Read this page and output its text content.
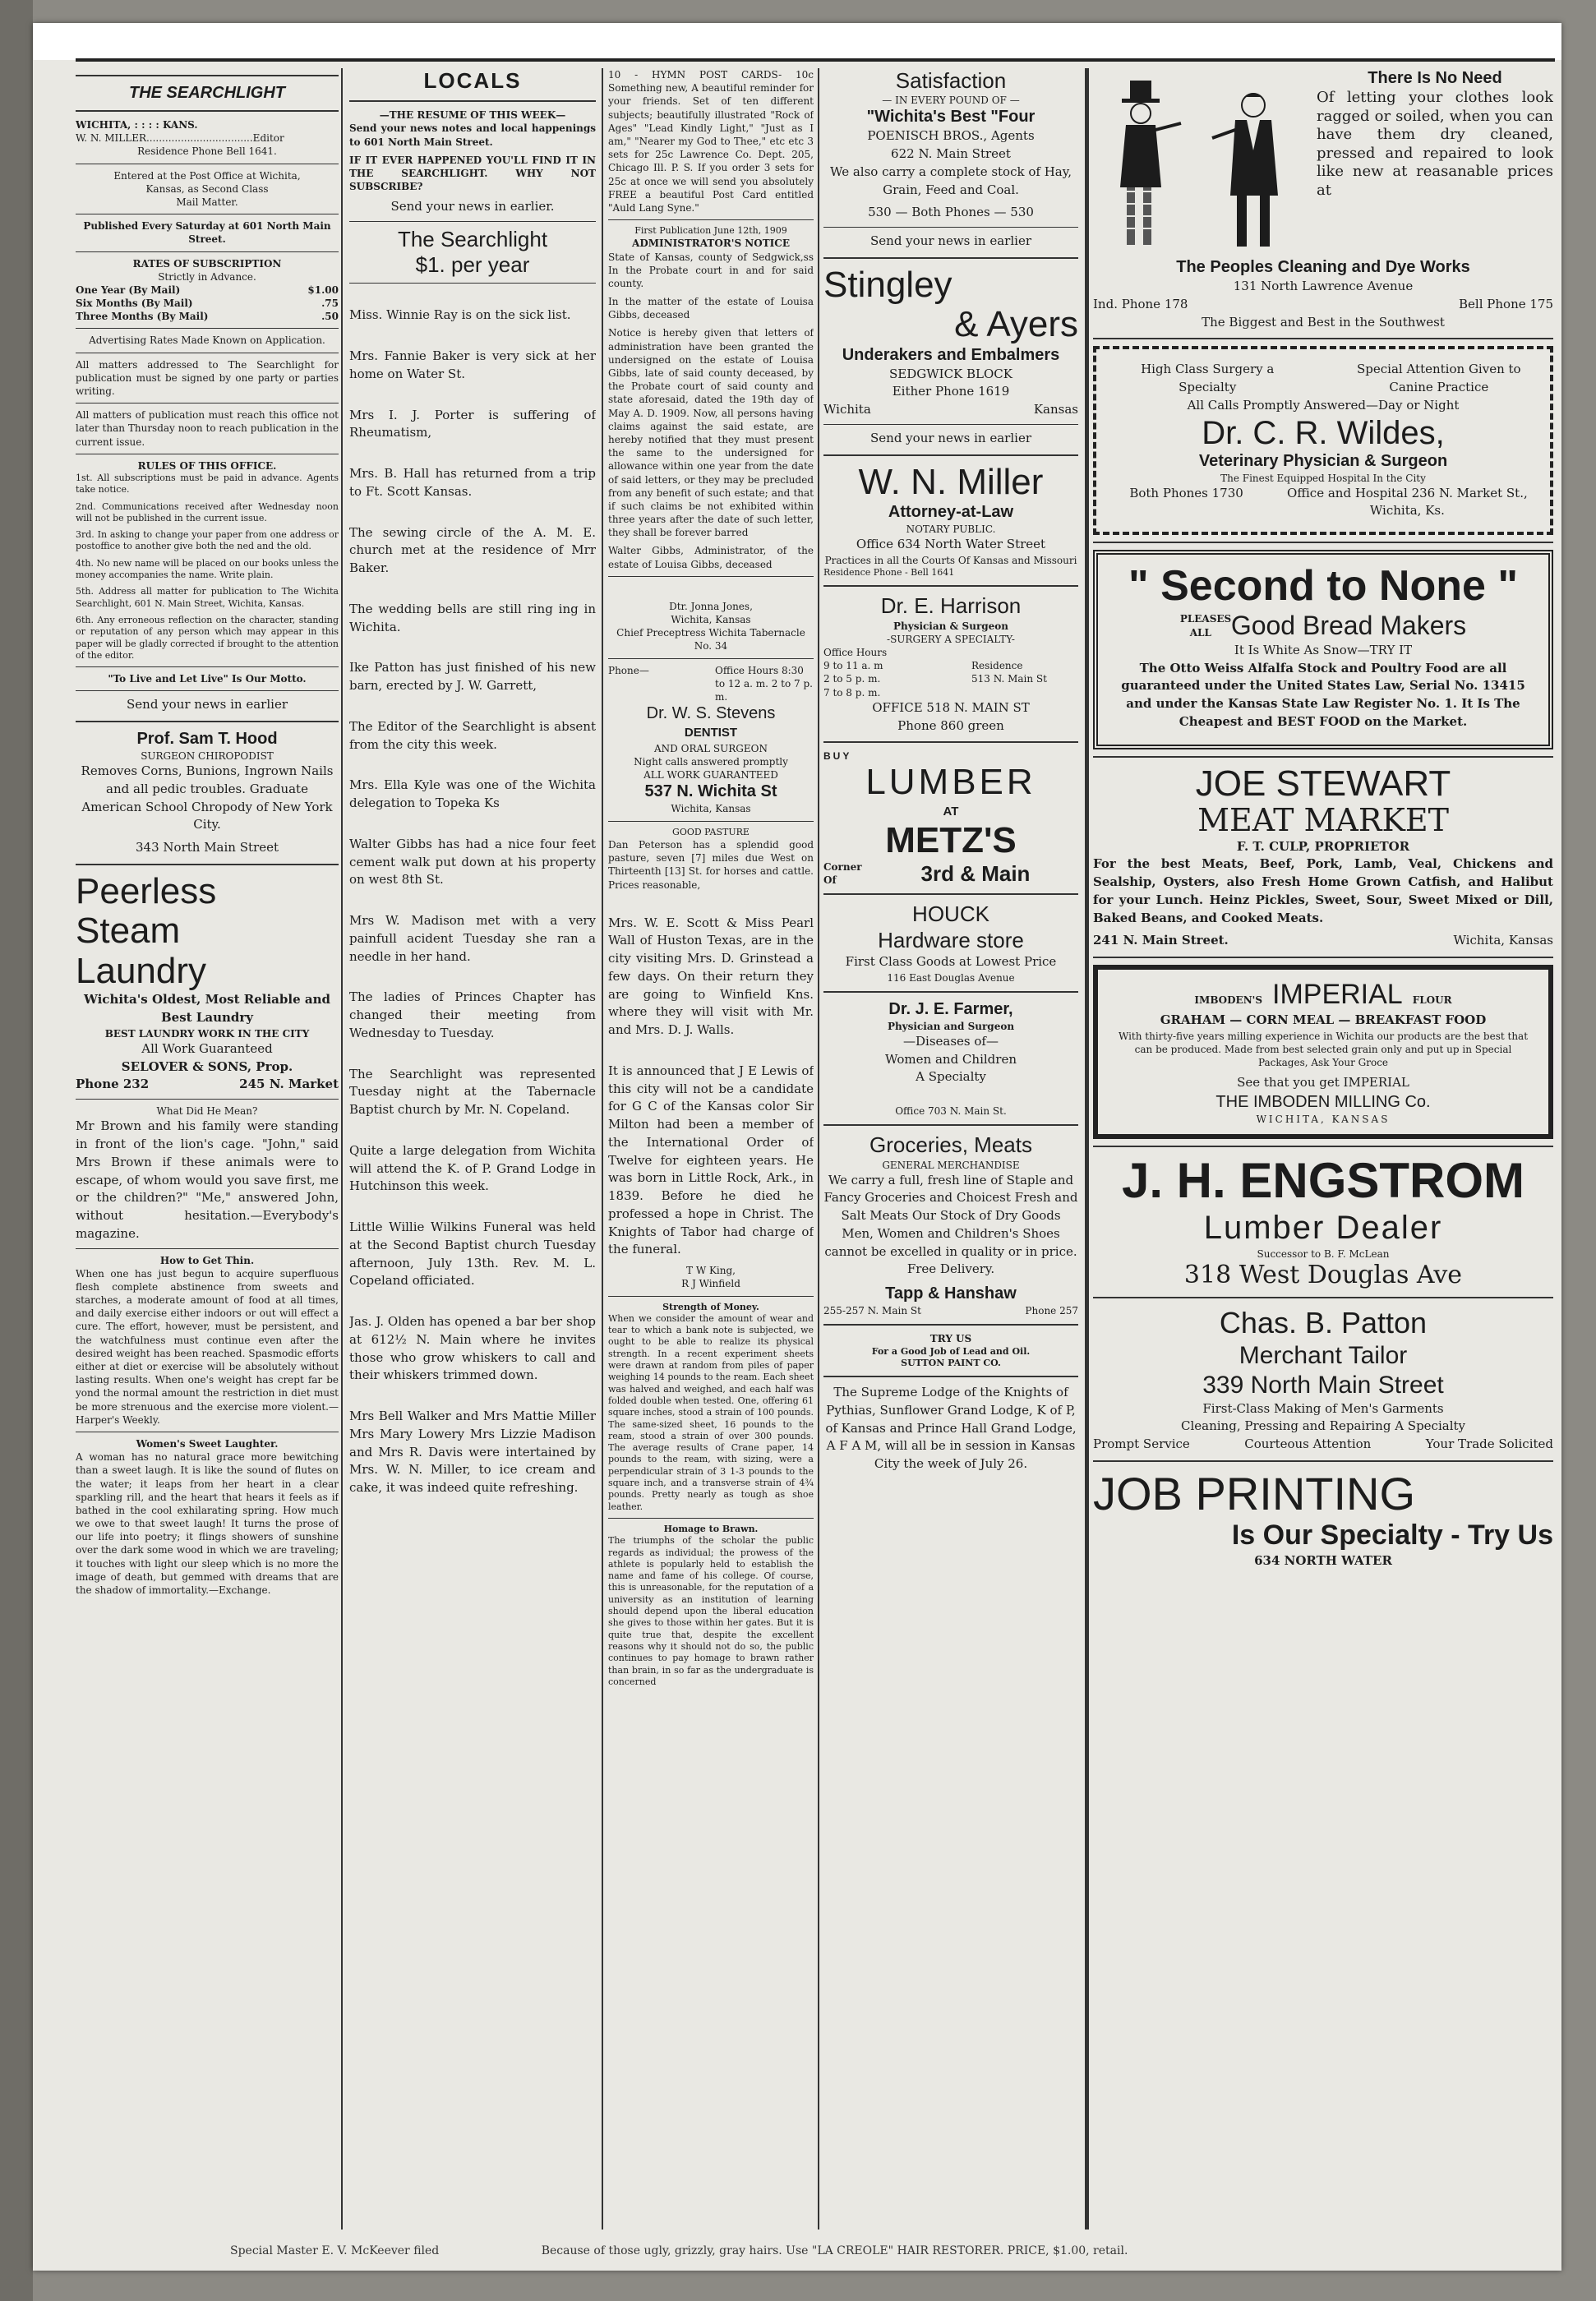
THE SEARCHLIGHT
WICHITA, : : : : KANS.
W. N. MILLER..................................Editor
Residence Phone Bell 1641.
Entered at the Post Office at Wichita,
Kansas, as Second Class
Mail Matter.

Published Every Saturday at 601 North Main Street.

RATES OF SUBSCRIPTION
Strictly in Advance.
One Year (By Mail)	$1.00
Six Months (By Mail)	.75
Three Months (By Mail)	.50

Advertising Rates Made Known on Application.

All matters addressed to The Searchlight for publication must be signed by one party or parties writing.

All matters of publication must reach this office not later than Thursday noon to reach publication in the current issue.

RULES OF THIS OFFICE.

1st. All subscriptions must be paid in advance. Agents take notice.

2nd. Communications received after Wednesday noon will not be published in the current issue.

3rd. In asking to change your paper from one address or postoffice to another give both the ned and the old.

4th. No new name will be placed on our books unless the money accompanies the name. Write plain.

5th. Address all matter for publication to The Wichita Searchlight, 601 N. Main Street, Wichita, Kansas.

6th. Any erroneous reflection on the character, standing or reputation of any person which may appear in this paper will be gladly corrected if brought to the attention of the editor.

"To Live and Let Live" Is Our Motto.
Send your news in earlier
Prof. Sam T. Hood
SURGEON CHIROPODIST

Removes Corns, Bunions, Ingrown Nails and all pedic troubles. Graduate American School Chropody of New York City.

343 North Main Street
Peerless
Steam
Laundry
Wichita's Oldest, Most Reliable and Best Laundry
BEST LAUNDRY WORK IN THE CITY
All Work Guaranteed
SELOVER & SONS, Prop.
Phone 232	245 N. Market
What Did He Mean?

Mr Brown and his family were standing in front of the lion's cage. "John," said Mrs Brown if these animals were to escape, of whom would you save first, me or the children?" "Me," answered John, without hesitation.—Everybody's magazine.

How to Get Thin.

When one has just begun to acquire superfluous flesh complete abstinence from sweets and starches, a moderate amount of food at all times, and daily exercise either indoors or out will effect a cure. The effort, however, must be persistent, and the watchfulness must continue even after the desired weight has been reached. Spasmodic efforts either at diet or exercise will be absolutely without lasting results. When one's weight has crept far be yond the normal amount the restriction in diet must be more strenuous and the exercise more violent.—Harper's Weekly.

Women's Sweet Laughter.

A woman has no natural grace more bewitching than a sweet laugh. It is like the sound of flutes on the water; it leaps from her heart in a clear sparkling rill, and the heart that hears it feels as if bathed in the cool exhilarating spring. How much we owe to that sweet laugh! It turns the prose of our life into poetry; it flings showers of sunshine over the dark some wood in which we are traveling; it touches with light our sleep which is no more the image of death, but gemmed with dreams that are the shadow of immortality.—Exchange.

LOCALS
—THE RESUME OF THIS WEEK—

Send your news notes and local happenings to 601 North Main Street.

IF IT EVER HAPPENED YOU'LL FIND IT IN THE SEARCHLIGHT. WHY NOT SUBSCRIBE?

Send your news in earlier.
The Searchlight
$1. per year

Miss. Winnie Ray is on the sick list.

Mrs. Fannie Baker is very sick at her home on Water St.

Mrs I. J. Porter is suffering of Rheumatism,

Mrs. B. Hall has returned from a trip to Ft. Scott Kansas.

The sewing circle of the A. M. E. church met at the residence of Mrr Baker.

The wedding bells are still ring ing in Wichita.

Ike Patton has just finished of his new barn, erected by J. W. Garrett,

The Editor of the Searchlight is absent from the city this week.

Mrs. Ella Kyle was one of the Wichita delegation to Topeka Ks

Walter Gibbs has had a nice four feet cement walk put down at his property on west 8th St.

Mrs W. Madison met with a very painfull acident Tuesday she ran a needle in her hand.

The ladies of Princes Chapter has changed their meeting from Wednesday to Tuesday.

The Searchlight was represented Tuesday night at the Tabernacle Baptist church by Mr. N. Copeland.

Quite a large delegation from Wichita will attend the K. of P. Grand Lodge in Hutchinson this week.

Little Willie Wilkins Funeral was held at the Second Baptist church Tuesday afternoon, July 13th. Rev. M. L. Copeland officiated.

Jas. J. Olden has opened a bar ber shop at 612½ N. Main where he invites those who grow whiskers to call and their whiskers trimmed down.

Mrs Bell Walker and Mrs Mattie Miller Mrs Mary Lowery Mrs Lizzie Madison and Mrs R. Davis were intertained by Mrs. W. N. Miller, to ice cream and cake, it was indeed quite refreshing.

10 - HYMN POST CARDS- 10c Something new, A beautiful reminder for your friends. Set of ten different subjects; beautifully illustrated "Rock of Ages" "Lead Kindly Light," "Just as I am," "Nearer my God to Thee," etc etc 3 sets for 25c Lawrence Co. Dept. 205, Chicago Ill. P. S. If you order 3 sets for 25c at once we will send you absolutely FREE a beautiful Post Card entitled "Auld Lang Syne."

First Publication June 12th, 1909
ADMINISTRATOR'S NOTICE

State of Kansas, county of Sedgwick,ss In the Probate court in and for said county.

In the matter of the estate of Louisa Gibbs, deceased

Notice is hereby given that letters of administration have been granted the undersigned on the estate of Louisa Gibbs, late of said county deceased, by the Probate court of said county and state aforesaid, dated the 19th day of May A. D. 1909. Now, all persons having claims against the said estate, are hereby notified that they must present the same to the undersigned for allowance within one year from the date of said letters, or they may be precluded from any benefit of such estate; and that if such claims be not exhibited within three years after the date of such letter, they shall be forever barred

Walter Gibbs, Administrator, of the estate of Louisa Gibbs, deceased

Dtr. Jonna Jones,
Wichita, Kansas
Chief Preceptress Wichita Tabernacle No. 34
Phone—	Office Hours 8:30 to 12 a. m. 2 to 7 p. m.
Dr. W. S. Stevens
DENTIST
AND ORAL SURGEON
Night calls answered promptly
ALL WORK GUARANTEED
537 N. Wichita St
Wichita, Kansas
GOOD PASTURE

Dan Peterson has a splendid good pasture, seven [7] miles due West on Thirteenth [13] St. for horses and cattle. Prices reasonable,

Mrs. W. E. Scott & Miss Pearl Wall of Huston Texas, are in the city visiting Mrs. D. Grinstead a few days. On their return they are going to Winfield Kns. where they will visit with Mr. and Mrs. D. J. Walls.

It is announced that J E Lewis of this city will not be a candidate for G C of the Kansas color Sir Milton had been a member of the International Order of Twelve for eighteen years. He was born in Little Rock, Ark., in 1839. Before he died he professed a hope in Christ. The Knights of Tabor had charge of the funeral.

T W King,
R J Winfield
Strength of Money.

When we consider the amount of wear and tear to which a bank note is subjected, we ought to be able to realize its physical strength. In a recent experiment sheets were drawn at random from piles of paper weighing 14 pounds to the ream. Each sheet was halved and weighed, and each half was folded double when tested. One, offering 61 square inches, stood a strain of 100 pounds. The same-sized sheet, 16 pounds to the ream, stood a strain of over 300 pounds. The average results of Crane paper, 14 pounds to the ream, with sizing, were a perpendicular strain of 3 1-3 pounds to the square inch, and a transverse strain of 4¾ pounds. Pretty nearly as tough as shoe leather.

Homage to Brawn.

The triumphs of the scholar the public regards as individual; the prowess of the athlete is popularly held to establish the name and fame of his college. Of course, this is unreasonable, for the reputation of a university as an institution of learning should depend upon the liberal education she gives to those within her gates. But it is quite true that, despite the excellent reasons why it should not do so, the public continues to pay homage to brawn rather than brain, in so far as the undergraduate is concerned

Satisfaction
— IN EVERY POUND OF —
"Wichita's Best "Four
POENISCH BROS., Agents
622 N. Main Street

We also carry a complete stock of Hay, Grain, Feed and Coal.

530 — Both Phones — 530
Send your news in earlier
Stingley
& Ayers
Underakers and Embalmers
SEDGWICK BLOCK
Either Phone 1619
Wichita	Kansas
Send your news in earlier
W. N. Miller
Attorney-at-Law
NOTARY PUBLIC.
Office 634 North Water Street
Practices in all the Courts Of Kansas and Missouri
Residence Phone - Bell 1641
Dr. E. Harrison
Physician & Surgeon
-SURGERY A SPECIALTY-
Office Hours
9 to 11 a. m	Residence
2 to 5 p. m.	513 N. Main St
7 to 8 p. m.
OFFICE 518 N. MAIN ST
Phone 860 green
BUY
LUMBER
AT
METZ'S
Corner Of	3rd & Main
HOUCK
Hardware store
First Class Goods at Lowest Price
116 East Douglas Avenue
Dr. J. E. Farmer,
Physician and Surgeon
—Diseases of—
Women and Children
A Specialty
Office 703 N. Main St.
Groceries, Meats
GENERAL MERCHANDISE

We carry a full, fresh line of Staple and Fancy Groceries and Choicest Fresh and Salt Meats Our Stock of Dry Goods Men, Women and Children's Shoes cannot be excelled in quality or in price. Free Delivery.

Tapp & Hanshaw
255-257 N. Main St	Phone 257
TRY US
For a Good Job of Lead and Oil.
SUTTON PAINT CO.

The Supreme Lodge of the Knights of Pythias, Sunflower Grand Lodge, K of P, of Kansas and Prince Hall Grand Lodge, A F A M, will all be in session in Kansas City the week of July 26.

There Is No Need

Of letting your clothes look ragged or soiled, when you can have them dry cleaned, pressed and repaired to look like new at reasanable prices at

The Peoples Cleaning and Dye Works
131 North Lawrence Avenue
Ind. Phone 178	Bell Phone 175
The Biggest and Best in the Southwest
High Class Surgery a Specialty
Special Attention Given to Canine Practice
All Calls Promptly Answered—Day or Night
Dr. C. R. Wildes,
Veterinary Physician & Surgeon
The Finest Equipped Hospital In the City
Both Phones 1730	Office and Hospital 236 N. Market St., Wichita, Ks.
" Second to None "
PLEASES ALL Good Bread Makers
It Is White As Snow—TRY IT

The Otto Weiss Alfalfa Stock and Poultry Food are all guaranteed under the United States Law, Serial No. 13415 and under the Kansas State Law Register No. 1. It Is The Cheapest and BEST FOOD on the Market.

JOE STEWART
MEAT MARKET
F. T. CULP, PROPRIETOR

For the best Meats, Beef, Pork, Lamb, Veal, Chickens and Sealship, Oysters, also Fresh Home Grown Catfish, and Halibut for your Lunch. Heinz Pickles, Sweet, Sour, Sweet Mixed or Dill, Baked Beans, and Cooked Meats.

241 N. Main Street.	Wichita, Kansas
IMBODEN'S IMPERIAL FLOUR
GRAHAM — CORN MEAL — BREAKFAST FOOD

With thirty-five years milling experience in Wichita our products are the best that can be produced. Made from best selected grain only and put up in Special Packages, Ask Your Groce

See that you get IMPERIAL
THE IMBODEN MILLING Co.
WICHITA, KANSAS
J. H. ENGSTROM
Lumber Dealer
Successor to B. F. McLean
318 West Douglas Ave
Chas. B. Patton
Merchant Tailor
339 North Main Street
First-Class Making of Men's Garments
Cleaning, Pressing and Repairing A Specialty
Prompt Service	Courteous Attention	Your Trade Solicited
JOB PRINTING
Is Our Specialty - Try Us
634 NORTH WATER
Special Master E. V. McKeever filed	Because of those ugly, grizzly, gray hairs. Use "LA CREOLE" HAIR RESTORER. PRICE, $1.00, retail.
